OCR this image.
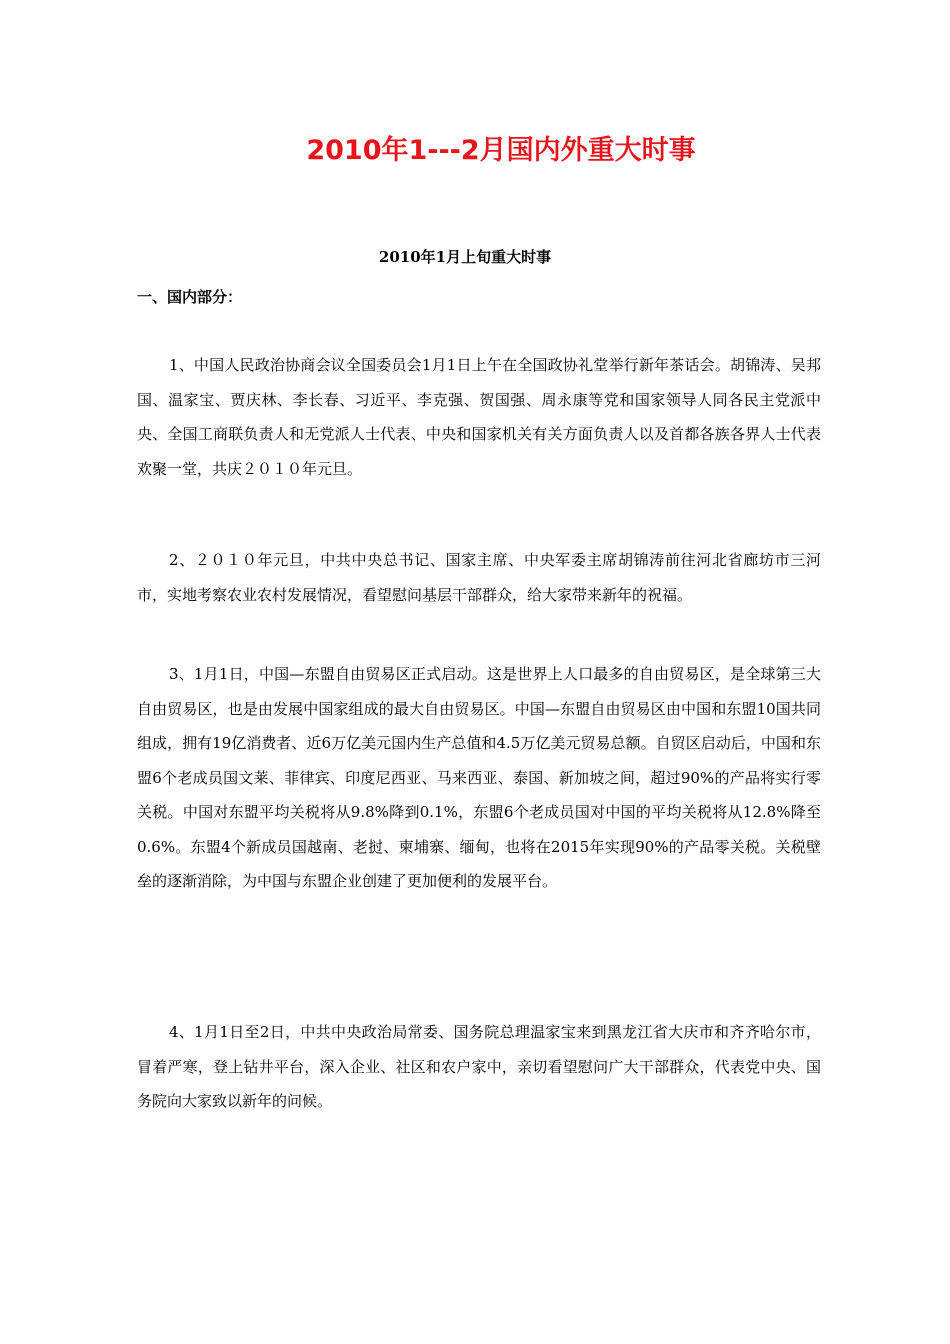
2010年1---2月国内外重大时事
2010年1月上旬重大时事
一、国内部分：

1、中国人民政治协商会议全国委员会1月1日上午在全国政协礼堂举行新年茶话会。胡锦涛、吴邦国、温家宝、贾庆林、李长春、习近平、李克强、贺国强、周永康等党和国家领导人同各民主党派中央、全国工商联负责人和无党派人士代表、中央和国家机关有关方面负责人以及首都各族各界人士代表欢聚一堂，共庆２０１０年元旦。

2、２０１０年元旦，中共中央总书记、国家主席、中央军委主席胡锦涛前往河北省廊坊市三河市，实地考察农业农村发展情况，看望慰问基层干部群众，给大家带来新年的祝福。

3、1月1日，中国—东盟自由贸易区正式启动。这是世界上人口最多的自由贸易区，是全球第三大自由贸易区，也是由发展中国家组成的最大自由贸易区。中国—东盟自由贸易区由中国和东盟10国共同组成，拥有19亿消费者、近6万亿美元国内生产总值和4.5万亿美元贸易总额。自贸区启动后，中国和东盟6个老成员国文莱、菲律宾、印度尼西亚、马来西亚、泰国、新加坡之间，超过90%的产品将实行零关税。中国对东盟平均关税将从9.8%降到0.1%，东盟6个老成员国对中国的平均关税将从12.8%降至0.6%。东盟4个新成员国越南、老挝、柬埔寨、缅甸，也将在2015年实现90%的产品零关税。关税壁垒的逐渐消除，为中国与东盟企业创建了更加便利的发展平台。

4、1月1日至2日，中共中央政治局常委、国务院总理温家宝来到黑龙江省大庆市和齐齐哈尔市，冒着严寒，登上钻井平台，深入企业、社区和农户家中，亲切看望慰问广大干部群众，代表党中央、国务院向大家致以新年的问候。
